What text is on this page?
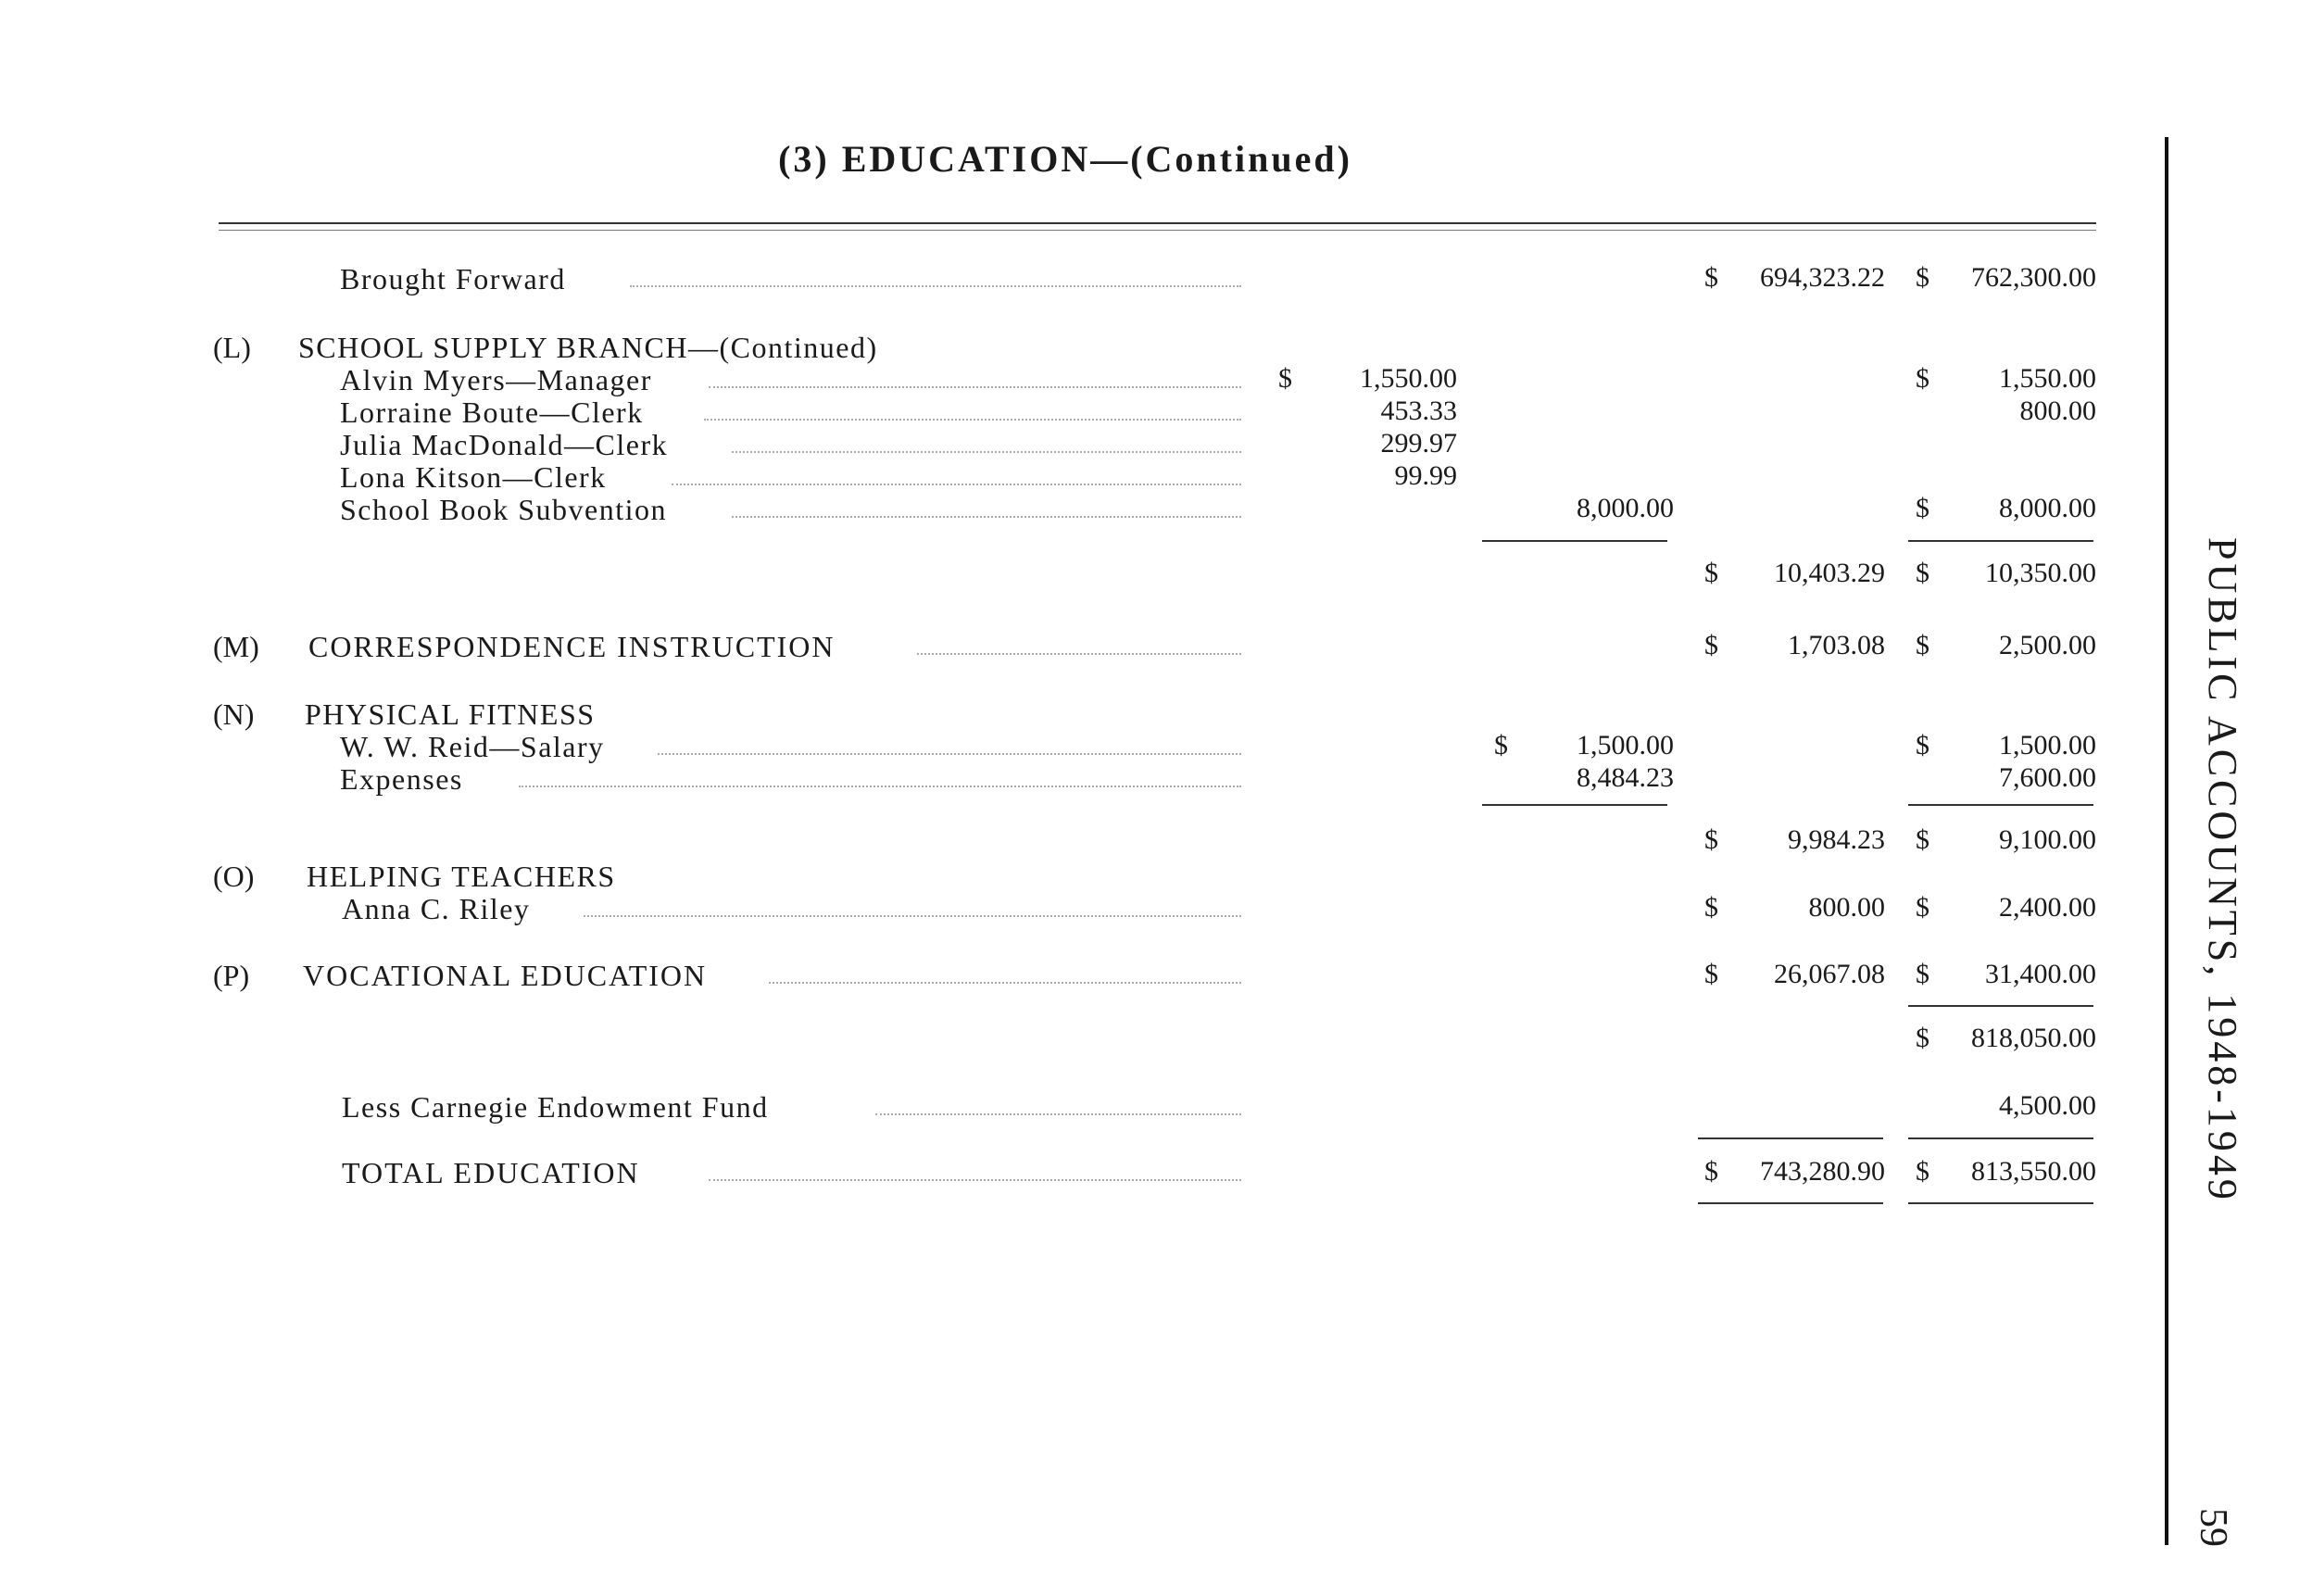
(3) EDUCATION—(Continued)
Brought Forward	$ 694,323.22 $ 762,300.00
(L) SCHOOL SUPPLY BRANCH—(Continued)
Alvin Myers—Manager	$ 1,550.00	$	1,550.00
Lorraine Boute—Clerk	453.33	800.00
Julia MacDonald—Clerk	299.97
Lona Kitson—Clerk	99.99
School Book Subvention	8,000.00	$	8,000.00
$ 10,403.29 $ 10,350.00
(M) CORRESPONDENCE INSTRUCTION	$	1,703.08 $	2,500.00
(N) PHYSICAL FITNESS
W. W. Reid—Salary	$ 1,500.00	$	1,500.00
Expenses	8,484.23	7,600.00
$	9,984.23 $	9,100.00
(O) HELPING TEACHERS
Anna C. Riley	$	800.00 $	2,400.00
(P) VOCATIONAL EDUCATION	$ 26,067.08 $ 31,400.00
$ 818,050.00
Less Carnegie Endowment Fund	4,500.00
TOTAL EDUCATION	$ 743,280.90 $ 813,550.00	PUBLIC ACCOUNTS, 1948-1949
59
